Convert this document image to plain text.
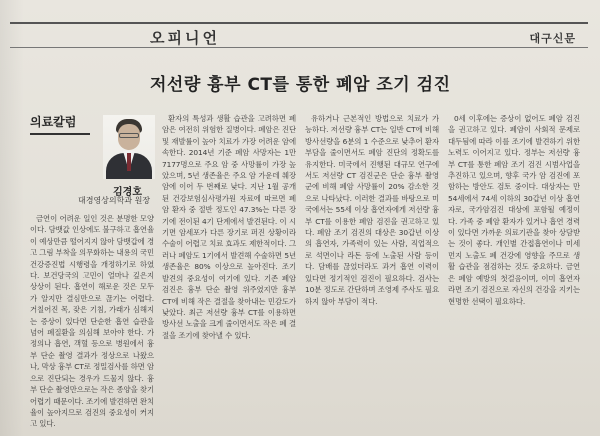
오피니언	대구신문
저선량 흉부 CT를 통한 폐암 조기 검진
의료칼럼
김경호
대경영상의학과 원장

금연이 어려운 일인 것은 분명한 모양이다. 담뱃값 인상에도 불구하고 흡연율이 예상만큼 떨어지지 않아 담뱃갑에 경고 그림 부착을 의무화하는 내용의 국민건강증진법 시행령을 개정하기로 하였다. 보건당국의 고민이 얼마나 깊은지 상상이 된다. 흡연이 해로운 것은 모두가 알지만 결심만으로 끊기는 어렵다. 거칠어진 목, 잦은 기침, 가래가 심해지는 증상이 있다면 단순한 흡연 습관을 넘어 폐질환을 의심해 보아야 한다. 가정의나 흡연, 객혈 등으로 병원에서 흉부 단순 촬영 결과가 정상으로 나왔으나, 막상 흉부 CT로 정밀검사를 하면 암으로 진단되는 경우가 드물지 않다. 흉부 단순 촬영만으로는 작은 종양을 찾기 어렵기 때문이다. 조기에 발견하면 완치율이 높아지므로 검진의 중요성이 커지고 있다.

환자의 특성과 생활 습관을 고려하면 폐암은 여전히 위험한 질병이다. 폐암은 진단 및 재발률이 높아 치료가 가장 어려운 암에 속한다. 2014년 기준 폐암 사망자는 1만7177명으로 주요 암 중 사망률이 가장 높았으며, 5년 생존율은 주요 암 가운데 췌장암에 이어 두 번째로 낮다. 지난 1월 공개된 건강보험심사평가원 자료에 따르면 폐암 환자 중 절반 정도인 47.3%는 다른 장기에 전이된 4기 단계에서 발견된다. 이 시기면 암세포가 다른 장기로 퍼진 상황이라 수술이 어렵고 치료 효과도 제한적이다. 그러나 폐암도 1기에서 발견해 수술하면 5년 생존율은 80% 이상으로 높아진다. 조기 발견의 중요성이 여기에 있다. 기존 폐암 검진은 흉부 단순 촬영 위주였지만 흉부 CT에 비해 작은 결절을 찾아내는 민감도가 낮았다. 최근 저선량 흉부 CT를 이용하면 방사선 노출을 크게 줄이면서도 작은 폐 결절을 조기에 찾아낼 수 있다.

유하거나 근본적인 방법으로 치료가 가능하다. 저선량 흉부 CT는 일반 CT에 비해 방사선량을 6분의 1 수준으로 낮추어 환자 부담을 줄이면서도 폐암 진단의 정확도를 유지한다. 미국에서 진행된 대규모 연구에서도 저선량 CT 검진군은 단순 흉부 촬영군에 비해 폐암 사망률이 20% 감소한 것으로 나타났다. 이러한 결과를 바탕으로 미국에서는 55세 이상 흡연자에게 저선량 흉부 CT를 이용한 폐암 검진을 권고하고 있다. 폐암 조기 검진의 대상은 30갑년 이상의 흡연자, 가족력이 있는 사람, 직업적으로 석면이나 라돈 등에 노출된 사람 등이다. 담배를 끊었더라도 과거 흡연 이력이 있다면 정기적인 검진이 필요하다. 검사는 10분 정도로 간단하며 조영제 주사도 필요하지 않아 부담이 적다.

0세 이후에는 증상이 없어도 폐암 검진을 권고하고 있다. 폐암이 사회적 문제로 대두됨에 따라 이를 조기에 발견하기 위한 노력도 이어지고 있다. 정부는 저선량 흉부 CT를 통한 폐암 조기 검진 시범사업을 추진하고 있으며, 향후 국가 암 검진에 포함하는 방안도 검토 중이다. 대상자는 만 54세에서 74세 이하의 30갑년 이상 흡연자로, 국가암검진 대상에 포함될 예정이다. 가족 중 폐암 환자가 있거나 흡연 경력이 있다면 가까운 의료기관을 찾아 상담받는 것이 좋다. 개인별 간접흡연이나 미세먼지 노출도 폐 건강에 영향을 주므로 생활 습관을 점검하는 것도 중요하다. 금연은 폐암 예방의 첫걸음이며, 이미 흡연자라면 조기 검진으로 자신의 건강을 지키는 현명한 선택이 필요하다.
